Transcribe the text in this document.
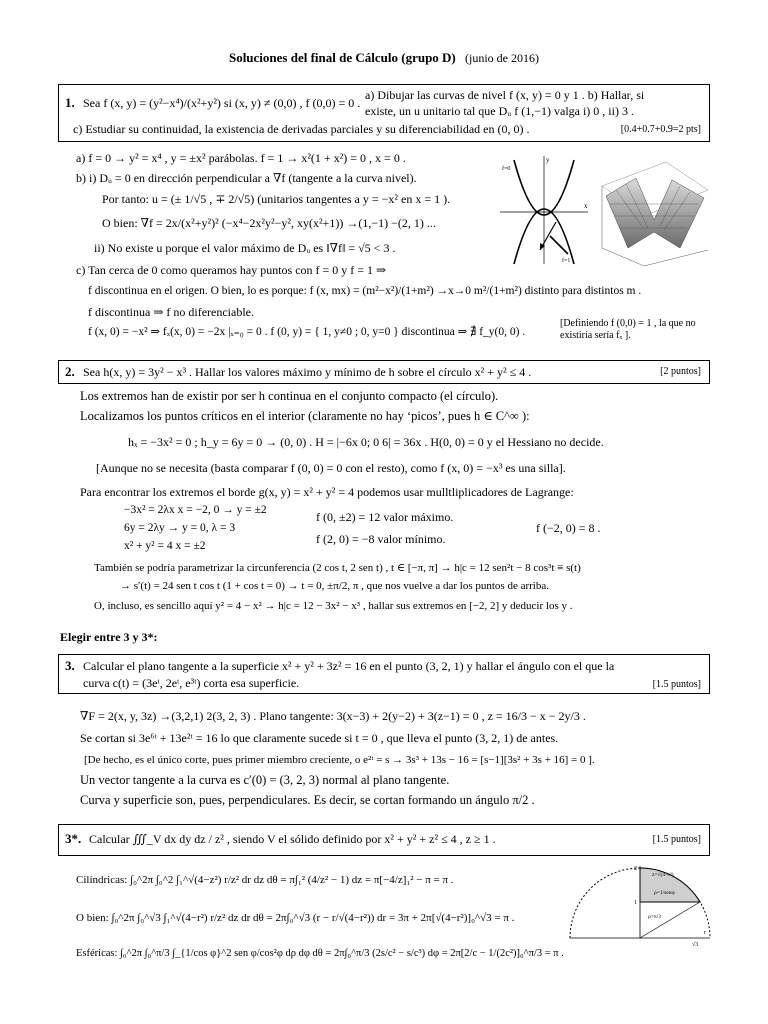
Soluciones del final de Cálculo (grupo D) (junio de 2016)
1. Sea f (x, y) = (y²−x⁴)/(x²+y²) si (x, y) ≠ (0,0) , f (0,0) = 0 .
a) Dibujar las curvas de nivel f (x, y) = 0 y 1 . b) Hallar, si
existe, un u unitario tal que Dᵤ f (1,−1) valga i) 0 , ii) 3 .
c) Estudiar su continuidad, la existencia de derivadas parciales y su diferenciabilidad en (0, 0) .	[0.4+0.7+0.9=2 pts]
a) f = 0 → y² = x⁴ , y = ±x² parábolas. f = 1 → x²(1 + x²) = 0 , x = 0 .
b) i) Dᵤ = 0 en dirección perpendicular a ∇f (tangente a la curva nivel).
Por tanto: u = (± 1/√5 , ∓ 2/√5) (unitarios tangentes a y = −x² en x = 1 ).
O bien: ∇f = 2x/(x²+y²)² (−x⁴−2x²y²−y², xy(x²+1)) →(1,−1) −(2, 1) ...
ii) No existe u porque el valor máximo de Dᵤ es ‖∇f‖ = √5 < 3 .
c) Tan cerca de 0 como queramos hay puntos con f = 0 y f = 1 ⇒
f discontinua en el origen. O bien, lo es porque: f (x, mx) = (m²−x²)/(1+m²) →x→0 m²/(1+m²) distinto para distintos m .
f discontinua ⇒ f no diferenciable.
f (x, 0) = −x² ⇒ fₓ(x, 0) = −2x |ₓ₌₀ = 0 . f (0, y) = { 1, y≠0 ; 0, y=0 } discontinua ⇒ ∄ f_y(0, 0) .
[Definiendo f (0,0) = 1 , la que no existiría sería fₓ ].
f=0
f=1
x
y
2. Sea h(x, y) = 3y² − x³ . Hallar los valores máximo y mínimo de h sobre el círculo x² + y² ≤ 4 .	[2 puntos]
Los extremos han de existir por ser h continua en el conjunto compacto (el círculo).
Localizamos los puntos críticos en el interior (claramente no hay ‘picos’, pues h ∈ C^∞ ):
hₓ = −3x² = 0 ; h_y = 6y = 0 → (0, 0) . H = |−6x 0; 0 6| = 36x . H(0, 0) = 0 y el Hessiano no decide.
[Aunque no se necesita (basta comparar f (0, 0) = 0 con el resto), como f (x, 0) = −x³ es una silla].
Para encontrar los extremos el borde g(x, y) = x² + y² = 4 podemos usar mulltliplicadores de Lagrange:
−3x² = 2λx x = −2, 0 → y = ±2
6y = 2λy → y = 0, λ = 3
x² + y² = 4 x = ±2
f (0, ±2) = 12 valor máximo.
f (2, 0) = −8 valor mínimo.
f (−2, 0) = 8 .
También se podría parametrizar la circunferencia (2 cos t, 2 sen t) , t ∈ [−π, π] → h|c = 12 sen²t − 8 cos³t ≡ s(t)
→ s′(t) = 24 sen t cos t (1 + cos t = 0) → t = 0, ±π/2, π , que nos vuelve a dar los puntos de arriba.
O, incluso, es sencillo aquí y² = 4 − x² → h|c = 12 − 3x² − x³ , hallar sus extremos en [−2, 2] y deducir los y .
Elegir entre 3 y 3*:
3. Calcular el plano tangente a la superficie x² + y² + 3z² = 16 en el punto (3, 2, 1) y hallar el ángulo con el que la
curva c(t) = (3eᵗ, 2eᵗ, e³ᵗ) corta esa superficie.	[1.5 puntos]
∇F = 2(x, y, 3z) →(3,2,1) 2(3, 2, 3) . Plano tangente: 3(x−3) + 2(y−2) + 3(z−1) = 0 , z = 16/3 − x − 2y/3 .
Se cortan si 3e⁶ᵗ + 13e²ᵗ = 16 lo que claramente sucede si t = 0 , que lleva el punto (3, 2, 1) de antes.
[De hecho, es el único corte, pues primer miembro creciente, o e²ᵗ = s → 3s³ + 13s − 16 = [s−1][3s² + 3s + 16] = 0 ].
Un vector tangente a la curva es c′(0) = (3, 2, 3) normal al plano tangente.
Curva y superficie son, pues, perpendiculares. Es decir, se cortan formando un ángulo π/2 .
3*. Calcular ∭_V dx dy dz / z² , siendo V el sólido definido por x² + y² + z² ≤ 4 , z ≥ 1 .	[1.5 puntos]
Cilíndricas: ∫₀^2π ∫₀^2 ∫₁^√(4−z²) r/z² dr dz dθ = π∫₁² (4/z² − 1) dz = π[−4/z]₁² − π = π .
O bien: ∫₀^2π ∫₀^√3 ∫₁^√(4−r²) r/z² dz dr dθ = 2π∫₀^√3 (r − r/√(4−r²)) dr = 3π + 2π[√(4−r²)]₀^√3 = π .
Esféricas: ∫₀^2π ∫₀^π/3 ∫_{1/cos φ}^2 sen φ/cos²φ dρ dφ dθ = 2π∫₀^π/3 (2s/c² − s/c³) dφ = 2π[2/c − 1/(2c²)]₀^π/3 = π .
z=√(4−r²)
ρ=1/senφ
ρ=π/3
1
2
√3
r
